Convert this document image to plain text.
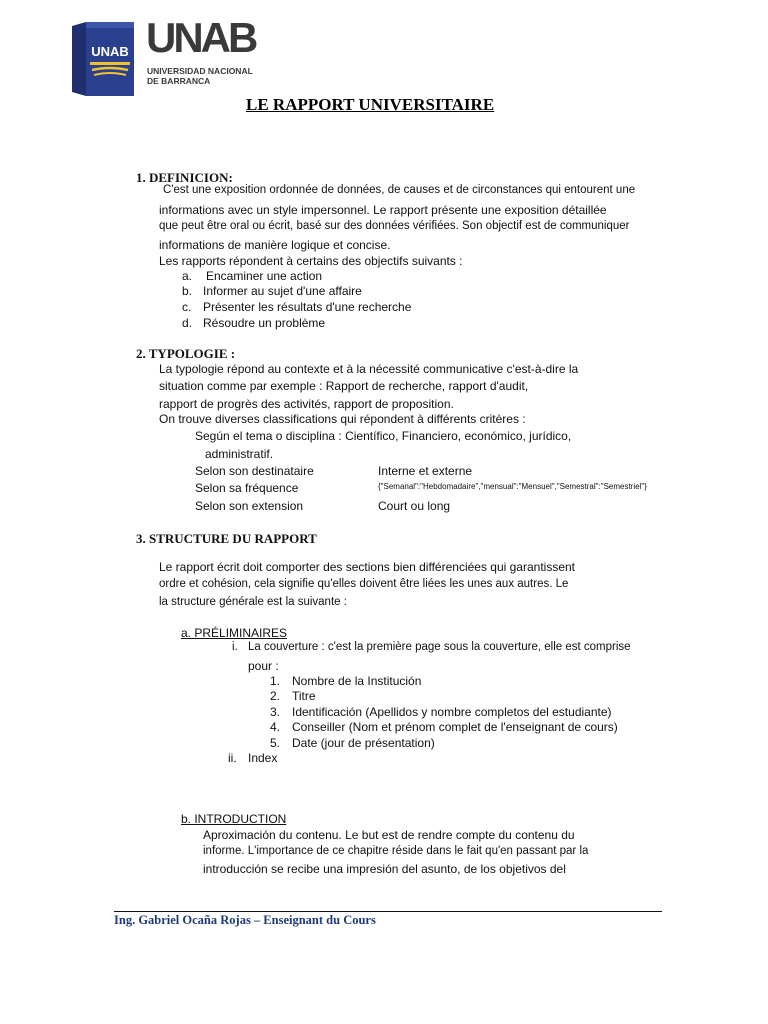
UNAB UNAB
UNIVERSIDAD NACIONAL
DE BARRANCA
LE RAPPORT UNIVERSITAIRE
1. DEFINICION:
C'est une exposition ordonnée de données, de causes et de circonstances qui entourent une
informations avec un style impersonnel. Le rapport présente une exposition détaillée
que peut être oral ou écrit, basé sur des données vérifiées. Son objectif est de communiquer
informations de manière logique et concise.
Les rapports répondent à certains des objectifs suivants :
a. Encaminer une action
b. Informer au sujet d'une affaire
c. Présenter les résultats d'une recherche
d. Résoudre un problème
2. TYPOLOGIE :
La typologie répond au contexte et à la nécessité communicative c'est-à-dire la
situation comme par exemple : Rapport de recherche, rapport d'audit,
rapport de progrès des activités, rapport de proposition.
On trouve diverses classifications qui répondent à différents critères :
Según el tema o disciplina : Científico, Financiero, económico, jurídico,
administratif.
Selon son destinataire	Interne et externe
Selon sa fréquence	{"Semanal":"Hebdomadaire","mensual":"Mensuel","Semestral":"Semestriel"}
Selon son extension	Court ou long
3. STRUCTURE DU RAPPORT
Le rapport écrit doit comporter des sections bien différenciées qui garantissent
ordre et cohésion, cela signifie qu'elles doivent être liées les unes aux autres. Le
la structure générale est la suivante :
a. PRÉLIMINAIRES
i. La couverture : c'est la première page sous la couverture, elle est comprise
pour :
1. Nombre de la Institución
2. Titre
3. Identificación (Apellidos y nombre completos del estudiante)
4. Conseiller (Nom et prénom complet de l'enseignant de cours)
5. Date (jour de présentation)
ii. Index
b. INTRODUCTION
Aproximación du contenu. Le but est de rendre compte du contenu du
informe. L'importance de ce chapitre réside dans le fait qu'en passant par la
introducción se recibe una impresión del asunto, de los objetivos del
Ing. Gabriel Ocaña Rojas – Enseignant du Cours
